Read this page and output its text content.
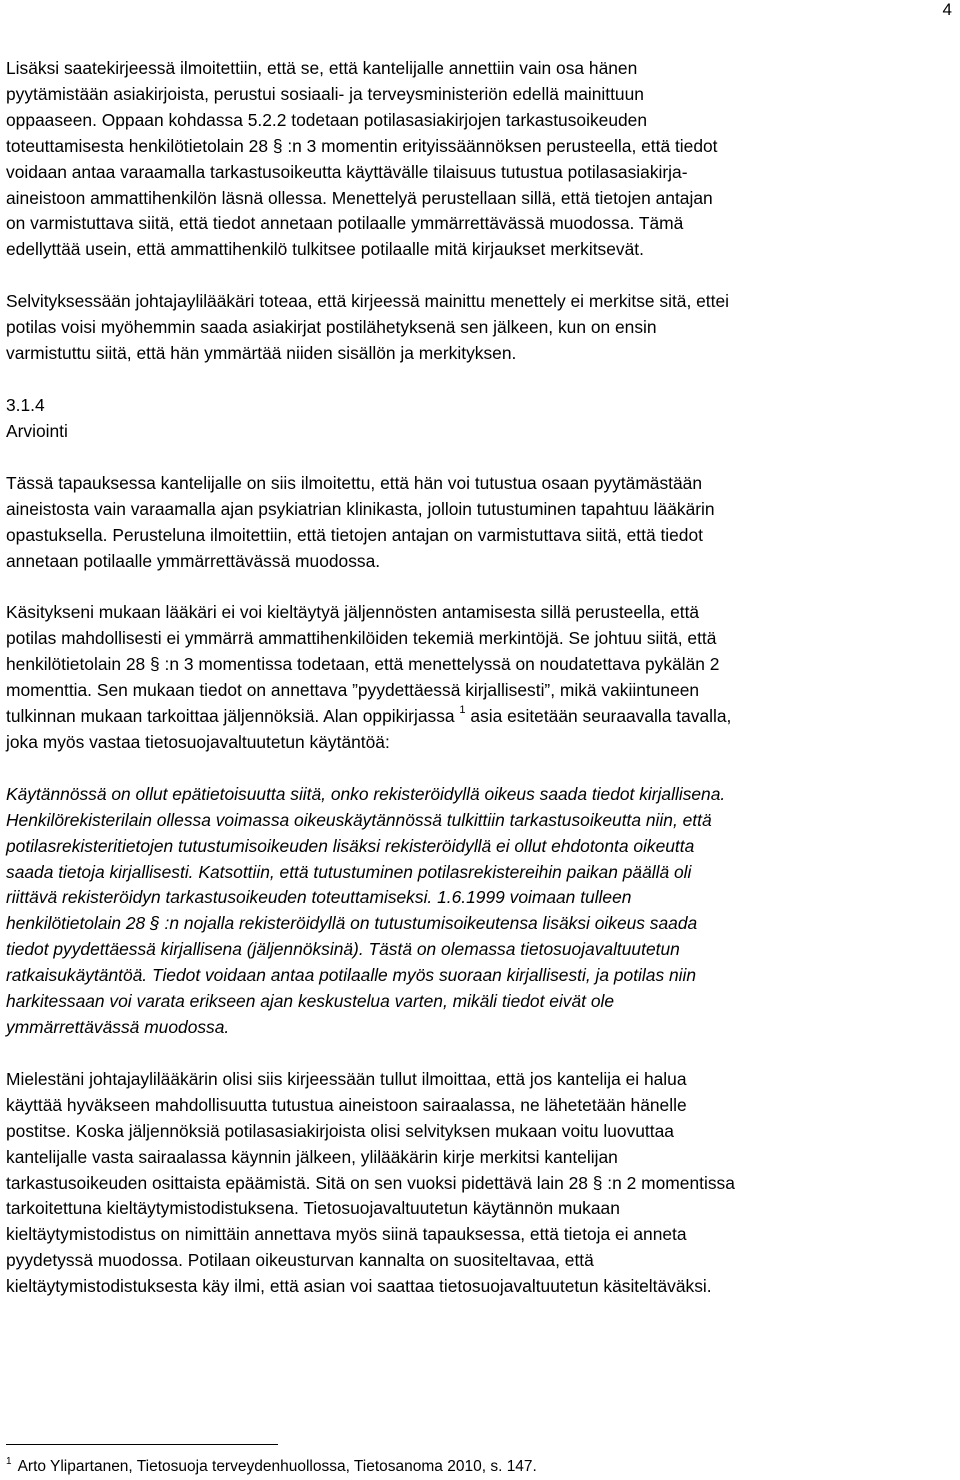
4

Lisäksi saatekirjeessä ilmoitettiin, että se, että kantelijalle annettiin vain osa hänen
pyytämistään asiakirjoista, perustui sosiaali- ja terveysministeriön edellä mainittuun
oppaaseen. Oppaan kohdassa 5.2.2 todetaan potilasasiakirjojen tarkastusoikeuden
toteuttamisesta henkilötietolain 28 § :n 3 momentin erityissäännöksen perusteella, että tiedot
voidaan antaa varaamalla tarkastusoikeutta käyttävälle tilaisuus tutustua potilasasiakirja-
aineistoon ammattihenkilön läsnä ollessa. Menettelyä perustellaan sillä, että tietojen antajan
on varmistuttava siitä, että tiedot annetaan potilaalle ymmärrettävässä muodossa. Tämä
edellyttää usein, että ammattihenkilö tulkitsee potilaalle mitä kirjaukset merkitsevät.

Selvityksessään johtajaylilääkäri toteaa, että kirjeessä mainittu menettely ei merkitse sitä, ettei
potilas voisi myöhemmin saada asiakirjat postilähetyksenä sen jälkeen, kun on ensin
varmistuttu siitä, että hän ymmärtää niiden sisällön ja merkityksen.

3.1.4
Arviointi

Tässä tapauksessa kantelijalle on siis ilmoitettu, että hän voi tutustua osaan pyytämästään
aineistosta vain varaamalla ajan psykiatrian klinikasta, jolloin tutustuminen tapahtuu lääkärin
opastuksella. Perusteluna ilmoitettiin, että tietojen antajan on varmistuttava siitä, että tiedot
annetaan potilaalle ymmärrettävässä muodossa.

Käsitykseni mukaan lääkäri ei voi kieltäytyä jäljennösten antamisesta sillä perusteella, että
potilas mahdollisesti ei ymmärrä ammattihenkilöiden tekemiä merkintöjä. Se johtuu siitä, että
henkilötietolain 28 § :n 3 momentissa todetaan, että menettelyssä on noudatettava pykälän 2
momenttia. Sen mukaan tiedot on annettava ”pyydettäessä kirjallisesti”, mikä vakiintuneen
tulkinnan mukaan tarkoittaa jäljennöksiä. Alan oppikirjassa $^1$ asia esitetään seuraavalla tavalla,
joka myös vastaa tietosuojavaltuutetun käytäntöä:

Käytännössä on ollut epätietoisuutta siitä, onko rekisteröidyllä oikeus saada tiedot kirjallisena.
Henkilörekisterilain ollessa voimassa oikeuskäytännössä tulkittiin tarkastusoikeutta niin, että
potilasrekisteritietojen tutustumisoikeuden lisäksi rekisteröidyllä ei ollut ehdotonta oikeutta
saada tietoja kirjallisesti. Katsottiin, että tutustuminen potilasrekistereihin paikan päällä oli
riittävä rekisteröidyn tarkastusoikeuden toteuttamiseksi. 1.6.1999 voimaan tulleen
henkilötietolain 28 § :n nojalla rekisteröidyllä on tutustumisoikeutensa lisäksi oikeus saada
tiedot pyydettäessä kirjallisena (jäljennöksinä). Tästä on olemassa tietosuojavaltuutetun
ratkaisukäytäntöä. Tiedot voidaan antaa potilaalle myös suoraan kirjallisesti, ja potilas niin
harkitessaan voi varata erikseen ajan keskustelua varten, mikäli tiedot eivät ole
ymmärrettävässä muodossa.

Mielestäni johtajaylilääkärin olisi siis kirjeessään tullut ilmoittaa, että jos kantelija ei halua
käyttää hyväkseen mahdollisuutta tutustua aineistoon sairaalassa, ne lähetetään hänelle
postitse. Koska jäljennöksiä potilasasiakirjoista olisi selvityksen mukaan voitu luovuttaa
kantelijalle vasta sairaalassa käynnin jälkeen, ylilääkärin kirje merkitsi kantelijan
tarkastusoikeuden osittaista epäämistä. Sitä on sen vuoksi pidettävä lain 28 § :n 2 momentissa
tarkoitettuna kieltäytymistodistuksena. Tietosuojavaltuutetun käytännön mukaan
kieltäytymistodistus on nimittäin annettava myös siinä tapauksessa, että tietoja ei anneta
pyydetyssä muodossa. Potilaan oikeusturvan kannalta on suositeltavaa, että
kieltäytymistodistuksesta käy ilmi, että asian voi saattaa tietosuojavaltuutetun käsiteltäväksi.

$^1$ Arto Ylipartanen, Tietosuoja terveydenhuollossa, Tietosanoma 2010, s. 147.
